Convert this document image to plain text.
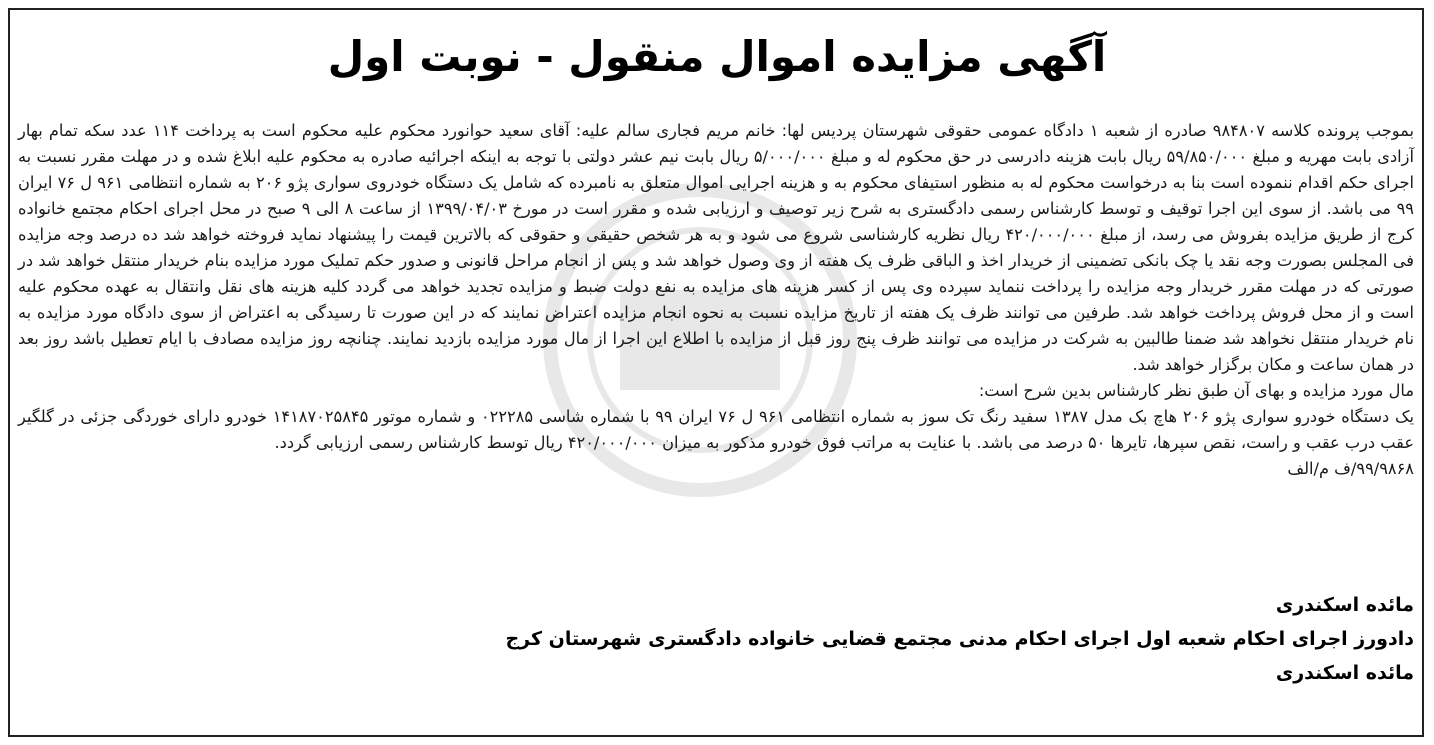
آگهی مزایده اموال منقول - نوبت اول

بموجب پرونده کلاسه ۹۸۴۸۰۷ صادره از شعبه ۱ دادگاه عمومی حقوقی شهرستان پردیس لها: خانم مریم فجاری سالم علیه: آقای سعید حوانورد محکوم علیه محکوم است به پرداخت ۱۱۴ عدد سکه تمام بهار آزادی بابت مهریه و مبلغ ۵۹/۸۵۰/۰۰۰ ریال بابت هزینه دادرسی در حق محکوم له و مبلغ ۵/۰۰۰/۰۰۰ ریال بابت نیم عشر دولتی با توجه به اینکه اجرائیه صادره به محکوم علیه ابلاغ شده و در مهلت مقرر نسبت به اجرای حکم اقدام ننموده است بنا به درخواست محکوم له به منظور استیفای محکوم به و هزینه اجرایی اموال متعلق به نامبرده که شامل یک دستگاه خودروی سواری پژو ۲۰۶ به شماره انتظامی ۹۶۱ ل ۷۶ ایران ۹۹ می باشد. از سوی این اجرا توقیف و توسط کارشناس رسمی دادگستری به شرح زیر توصیف و ارزیابی شده و مقرر است در مورخ ۱۳۹۹/۰۴/۰۳ از ساعت ۸ الی ۹ صبح در محل اجرای احکام مجتمع خانواده کرج از طریق مزایده بفروش می رسد، از مبلغ ۴۲۰/۰۰۰/۰۰۰ ریال نظریه کارشناسی شروع می شود و به هر شخص حقیقی و حقوقی که بالاترین قیمت را پیشنهاد نماید فروخته خواهد شد ده درصد وجه مزایده فی المجلس بصورت وجه نقد یا چک بانکی تضمینی از خریدار اخذ و الباقی ظرف یک هفته از وی وصول خواهد شد و پس از انجام مراحل قانونی و صدور حکم تملیک مورد مزایده بنام خریدار منتقل خواهد شد در صورتی که در مهلت مقرر خریدار وجه مزایده را پرداخت ننماید سپرده وی پس از کسر هزینه های مزایده به نفع دولت ضبط و مزایده تجدید خواهد می گردد کلیه هزینه های نقل وانتقال به عهده محکوم علیه است و از محل فروش پرداخت خواهد شد. طرفین می توانند ظرف یک هفته از تاریخ مزایده نسبت به نحوه انجام مزایده اعتراض نمایند که در این صورت تا رسیدگی به اعتراض از سوی دادگاه مورد مزایده به نام خریدار منتقل نخواهد شد ضمنا طالبین به شرکت در مزایده می توانند ظرف پنج روز قبل از مزایده با اطلاع این اجرا از مال مورد مزایده بازدید نمایند. چنانچه روز مزایده مصادف با ایام تعطیل باشد روز بعد در همان ساعت و مکان برگزار خواهد شد.

مال مورد مزایده و بهای آن طبق نظر کارشناس بدین شرح است:

یک دستگاه خودرو سواری پژو ۲۰۶ هاچ بک مدل ۱۳۸۷ سفید رنگ تک سوز به شماره انتظامی ۹۶۱ ل ۷۶ ایران ۹۹ با شماره شاسی ۰۲۲۲۸۵ و شماره موتور ۱۴۱۸۷۰۲۵۸۴۵ خودرو دارای خوردگی جزئی در گلگیر عقب درب عقب و راست، نقص سپرها، تایرها ۵۰ درصد می باشد. با عنایت به مراتب فوق خودرو مذکور به میزان ۴۲۰/۰۰۰/۰۰۰ ریال توسط کارشناس رسمی ارزیابی گردد.

۹۹/۹۸۶۸/ف م/الف

مائده اسکندری
دادورز اجرای احکام شعبه اول اجرای احکام مدنی مجتمع قضایی خانواده دادگستری شهرستان کرج
مائده اسکندری
